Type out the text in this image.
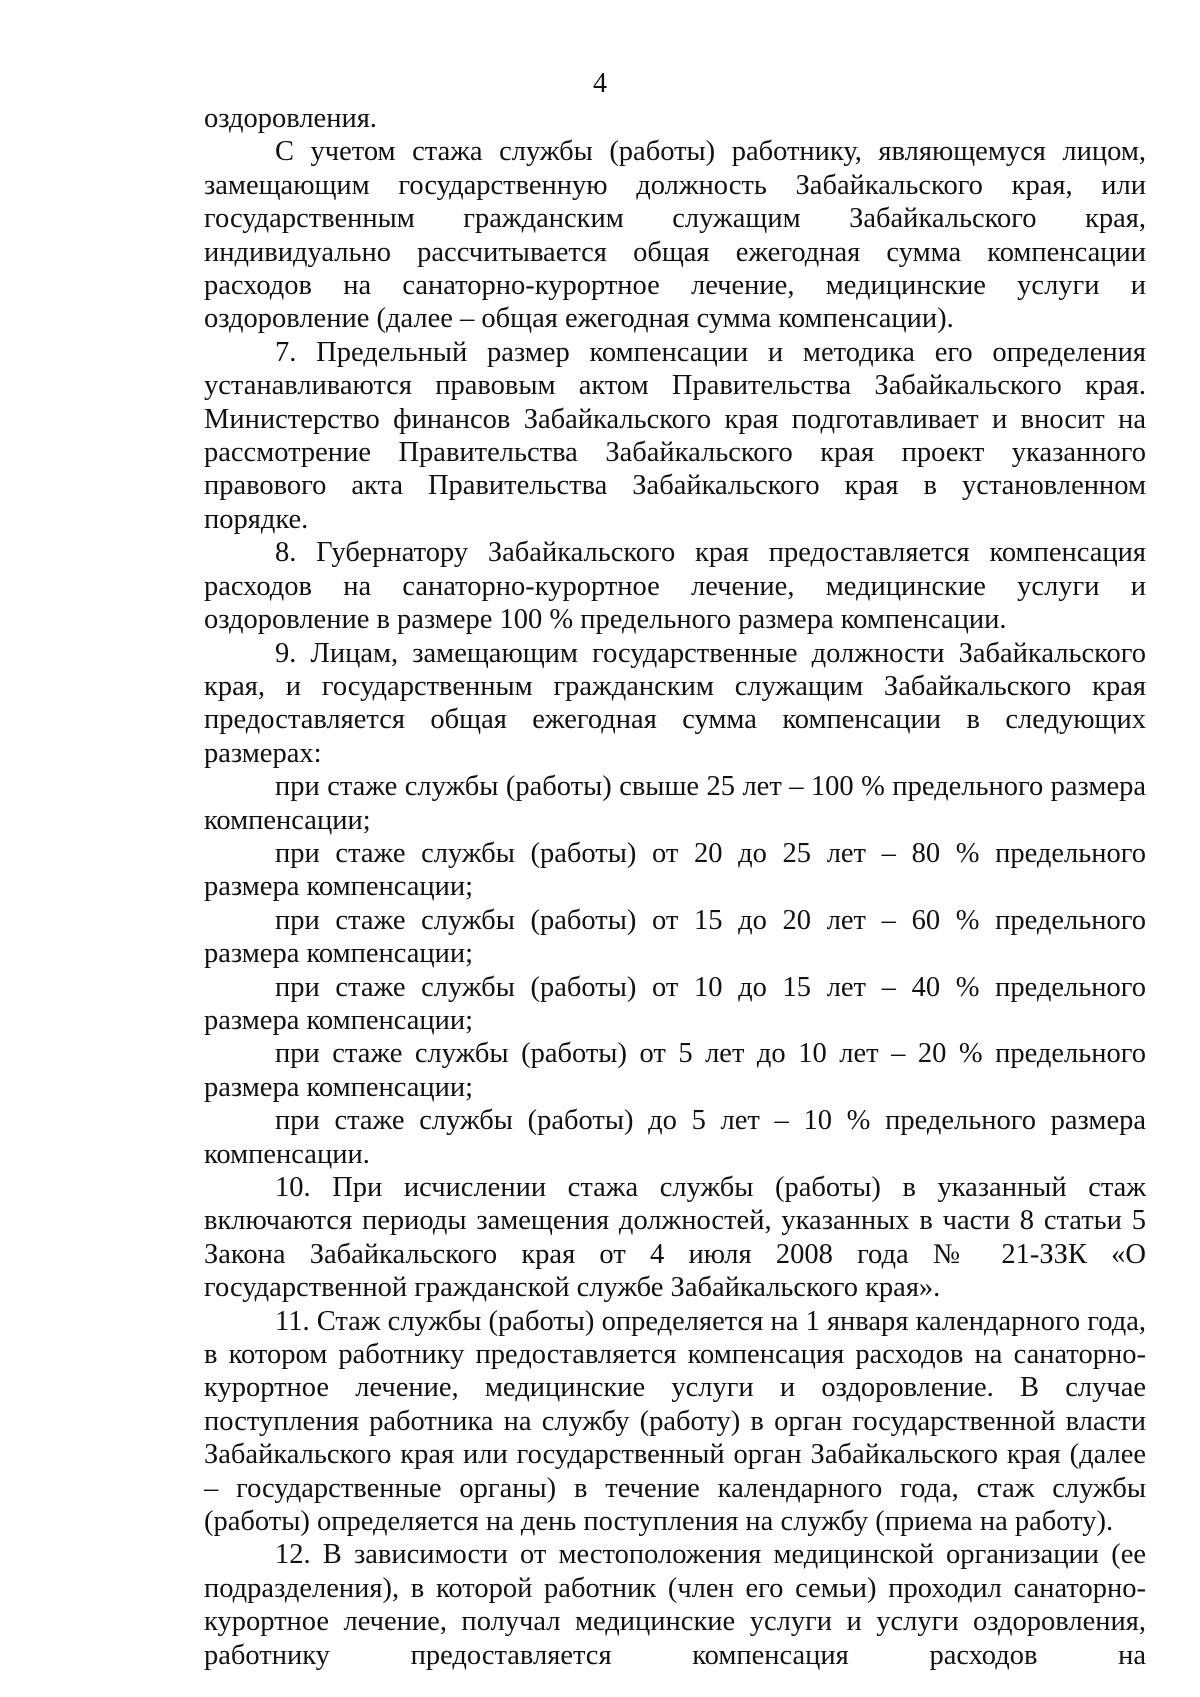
4

оздоровления.

С учетом стажа службы (работы) работнику, являющемуся лицом, замещающим государственную должность Забайкальского края, или государственным гражданским служащим Забайкальского края, индивидуально рассчитывается общая ежегодная сумма компенсации расходов на санаторно-курортное лечение, медицинские услуги и оздоровление (далее – общая ежегодная сумма компенсации).

7. Предельный размер компенсации и методика его определения устанавливаются правовым актом Правительства Забайкальского края. Министерство финансов Забайкальского края подготавливает и вносит на рассмотрение Правительства Забайкальского края проект указанного правового акта Правительства Забайкальского края в установленном порядке.

8. Губернатору Забайкальского края предоставляется компенсация расходов на санаторно-курортное лечение, медицинские услуги и оздоровление в размере 100 % предельного размера компенсации.

9. Лицам, замещающим государственные должности Забайкальского края, и государственным гражданским служащим Забайкальского края предоставляется общая ежегодная сумма компенсации в следующих размерах:

при стаже службы (работы) свыше 25 лет – 100 % предельного размера компенсации;

при стаже службы (работы) от 20 до 25 лет – 80 % предельного размера компенсации;

при стаже службы (работы) от 15 до 20 лет – 60 % предельного размера компенсации;

при стаже службы (работы) от 10 до 15 лет – 40 % предельного размера компенсации;

при стаже службы (работы) от 5 лет до 10 лет – 20 % предельного размера компенсации;

при стаже службы (работы) до 5 лет – 10 % предельного размера компенсации.

10. При исчислении стажа службы (работы) в указанный стаж включаются периоды замещения должностей, указанных в части 8 статьи 5 Закона Забайкальского края от 4 июля 2008 года № 21-ЗЗК «О государственной гражданской службе Забайкальского края».

11. Стаж службы (работы) определяется на 1 января календарного года, в котором работнику предоставляется компенсация расходов на санаторно-курортное лечение, медицинские услуги и оздоровление. В случае поступления работника на службу (работу) в орган государственной власти Забайкальского края или государственный орган Забайкальского края (далее – государственные органы) в течение календарного года, стаж службы (работы) определяется на день поступления на службу (приема на работу).

12. В зависимости от местоположения медицинской организации (ее подразделения), в которой работник (член его семьи) проходил санаторно-курортное лечение, получал медицинские услуги и услуги оздоровления, работнику предоставляется компенсация расходов на
